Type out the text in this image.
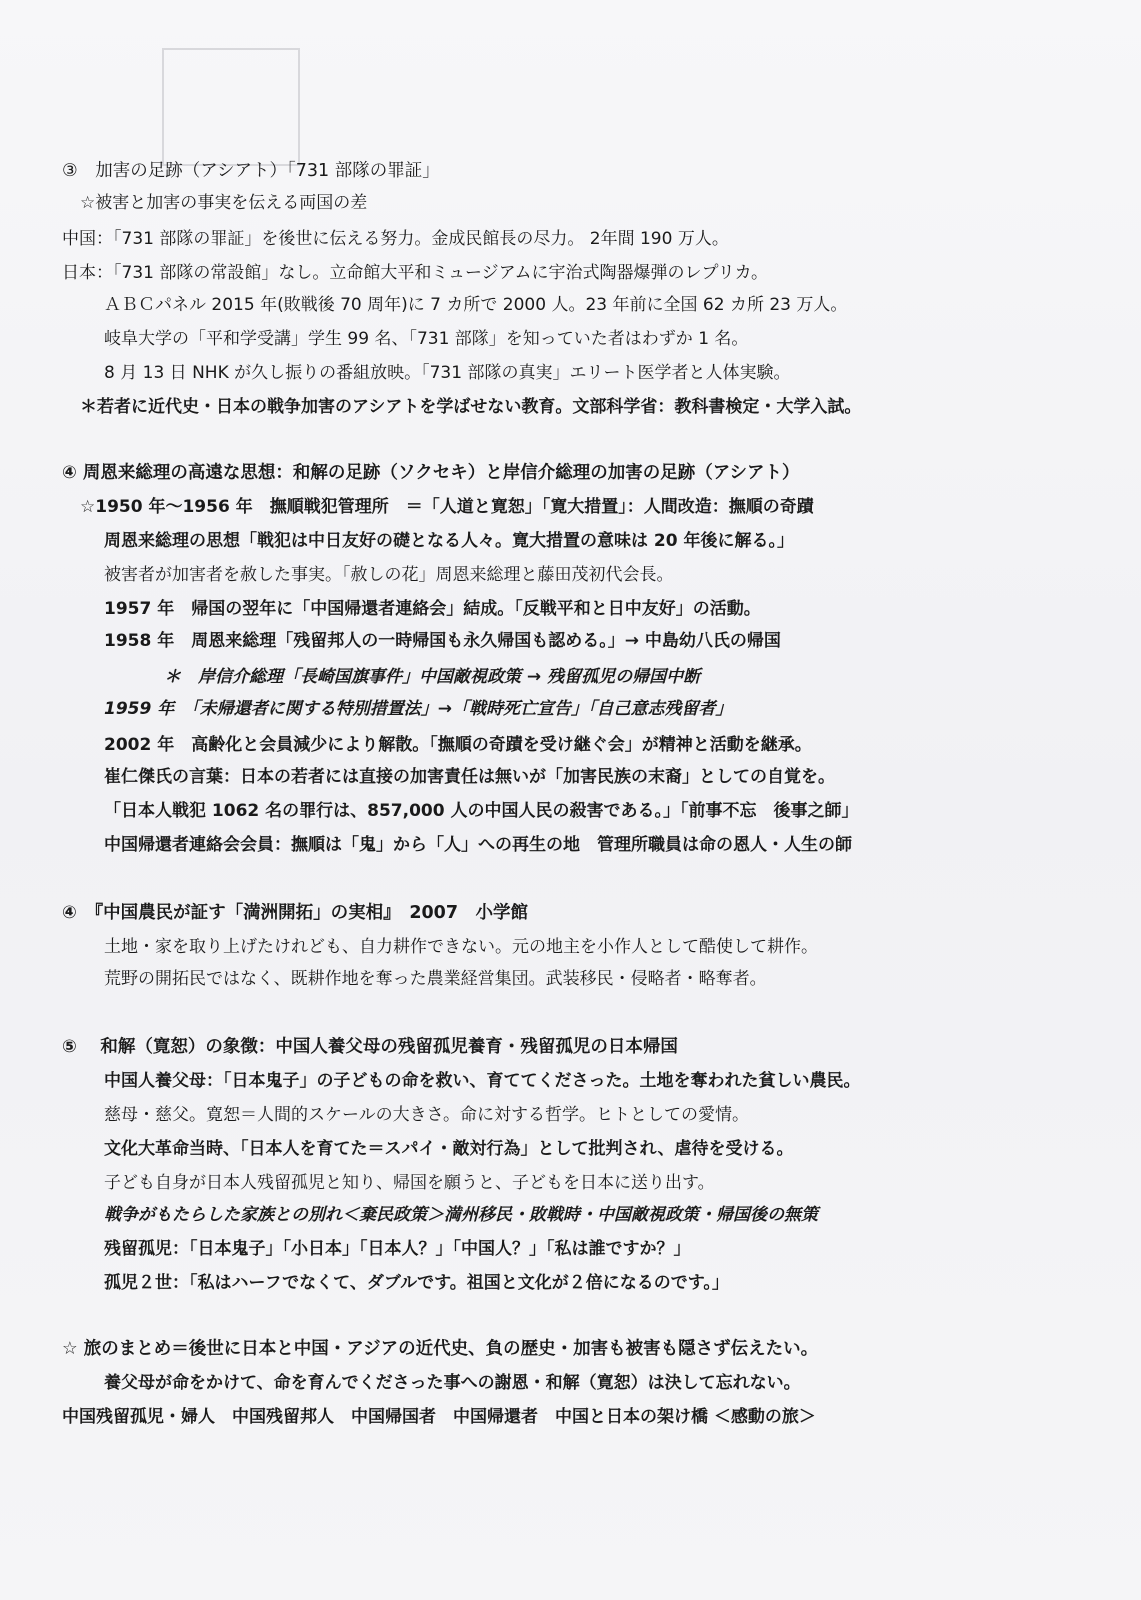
③　加害の足跡（アシアト）「731 部隊の罪証」
☆被害と加害の事実を伝える両国の差
中国：「731 部隊の罪証」を後世に伝える努力。金成民館長の尽力。 2年間 190 万人。
日本：「731 部隊の常設館」なし。立命館大平和ミュージアムに宇治式陶器爆弾のレプリカ。
ＡＢＣパネル 2015 年(敗戦後 70 周年)に 7 カ所で 2000 人。23 年前に全国 62 カ所 23 万人。
岐阜大学の「平和学受講」学生 99 名、「731 部隊」を知っていた者はわずか 1 名。
8 月 13 日 NHK が久し振りの番組放映。「731 部隊の真実」エリート医学者と人体実験。
＊若者に近代史・日本の戦争加害のアシアトを学ばせない教育。文部科学省：教科書検定・大学入試。
④ 周恩来総理の高遠な思想：和解の足跡（ソクセキ）と岸信介総理の加害の足跡（アシアト）
☆1950 年～1956 年　撫順戦犯管理所　＝「人道と寛恕」「寛大措置」：人間改造：撫順の奇蹟
周恩来総理の思想「戦犯は中日友好の礎となる人々。寛大措置の意味は 20 年後に解る。」
被害者が加害者を赦した事実。「赦しの花」周恩来総理と藤田茂初代会長。
1957 年　帰国の翌年に「中国帰還者連絡会」結成。「反戦平和と日中友好」の活動。
1958 年　周恩来総理「残留邦人の一時帰国も永久帰国も認める。」→ 中島幼八氏の帰国
＊　岸信介総理「長崎国旗事件」中国敵視政策 → 残留孤児の帰国中断
1959 年　「未帰還者に関する特別措置法」→「戦時死亡宣告」「自己意志残留者」
2002 年　高齢化と会員減少により解散。「撫順の奇蹟を受け継ぐ会」が精神と活動を継承。
崔仁傑氏の言葉：日本の若者には直接の加害責任は無いが「加害民族の末裔」としての自覚を。
「日本人戦犯 1062 名の罪行は、857,000 人の中国人民の殺害である。」「前事不忘　後事之師」
中国帰還者連絡会会員：撫順は「鬼」から「人」への再生の地　管理所職員は命の恩人・人生の師
④　『中国農民が証す「満洲開拓」の実相』　2007　小学館
土地・家を取り上げたけれども、自力耕作できない。元の地主を小作人として酷使して耕作。
荒野の開拓民ではなく、既耕作地を奪った農業経営集団。武装移民・侵略者・略奪者。
⑤　 和解（寛恕）の象徴：中国人養父母の残留孤児養育・残留孤児の日本帰国
中国人養父母：「日本鬼子」の子どもの命を救い、育ててくださった。土地を奪われた貧しい農民。
慈母・慈父。寛恕＝人間的スケールの大きさ。命に対する哲学。ヒトとしての愛情。
文化大革命当時、「日本人を育てた＝スパイ・敵対行為」として批判され、虐待を受ける。
子ども自身が日本人残留孤児と知り、帰国を願うと、子どもを日本に送り出す。
戦争がもたらした家族との別れ＜棄民政策＞満州移民・敗戦時・中国敵視政策・帰国後の無策
残留孤児：「日本鬼子」「小日本」「日本人？」「中国人？」「私は誰ですか？」
孤児２世：「私はハーフでなくて、ダブルです。祖国と文化が２倍になるのです。」
☆ 旅のまとめ＝後世に日本と中国・アジアの近代史、負の歴史・加害も被害も隠さず伝えたい。
養父母が命をかけて、命を育んでくださった事への謝恩・和解（寛恕）は決して忘れない。
中国残留孤児・婦人　中国残留邦人　中国帰国者　中国帰還者　中国と日本の架け橋 ＜感動の旅＞
